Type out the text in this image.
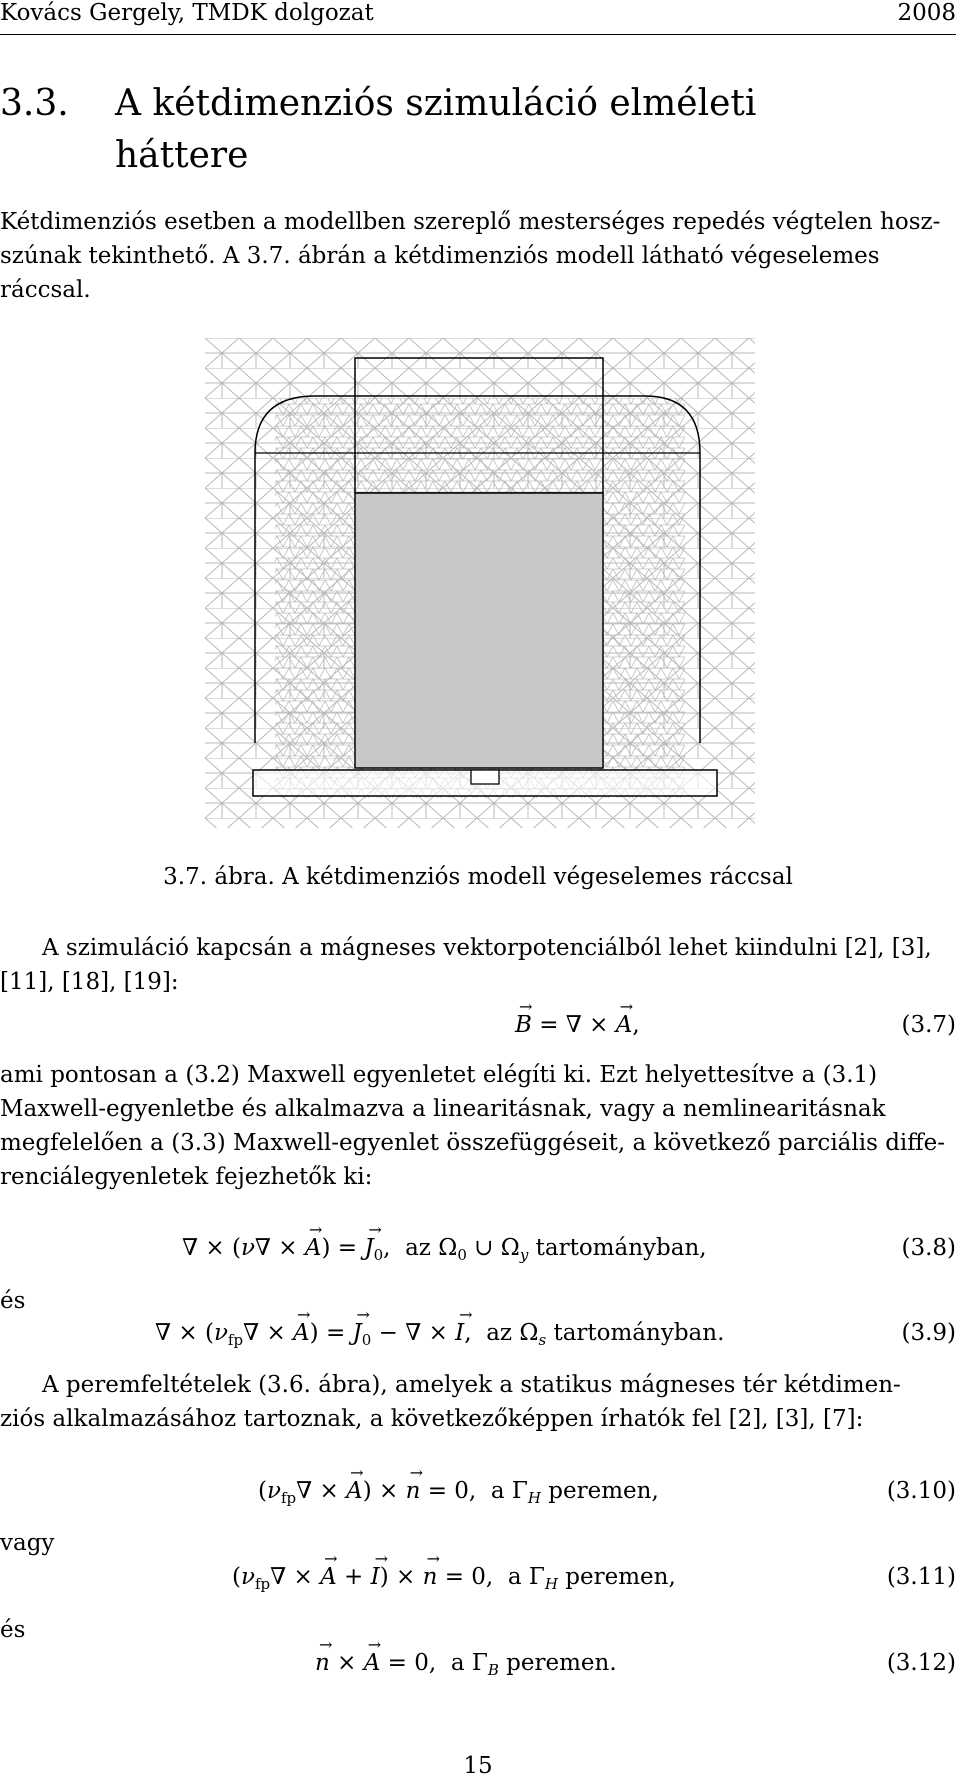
Kovács Gergely, TMDK dolgozat	2008
3.3. A kétdimenziós szimuláció elméleti
háttere
Kétdimenziós esetben a modellben szereplő mesterséges repedés végtelen hosz-
szúnak tekinthető. A 3.7. ábrán a kétdimenziós modell látható végeselemes
ráccsal.
3.7. ábra. A kétdimenziós modell végeselemes ráccsal
A szimuláció kapcsán a mágneses vektorpotenciálból lehet kiindulni [2], [3],
[11], [18], [19]:
B → = ∇ × A →,	(3.7)
ami pontosan a (3.2) Maxwell egyenletet elégíti ki. Ezt helyettesítve a (3.1)
Maxwell-egyenletbe és alkalmazva a linearitásnak, vagy a nemlinearitásnak
megfelelően a (3.3) Maxwell-egyenlet összefüggéseit, a következő parciális diffe-
renciálegyenletek fejezhetők ki:
∇ × (ν∇ × A →) = $J \to_0$,  az $\Omega_0$ ∪ $\Omega_y$ tartományban,	(3.8)
és
∇ × ($\nu_{fp}\nabla \times A$ →) = $J \to_0$ − ∇ × I →,  az $\Omega_s$ tartományban.	(3.9)
A peremfeltételek (3.6. ábra), amelyek a statikus mágneses tér kétdimen-
ziós alkalmazásához tartoznak, a következőképpen írhatók fel [2], [3], [7]:
($\nu_{fp}\nabla \times A$ →) × n → = 0,  a $\Gamma_H$ peremen,	(3.10)
vagy
($\nu_{fp}\nabla \times A$ → + I →) × n → = 0,  a $\Gamma_H$ peremen,	(3.11)
és
n → × A → = 0,  a $\Gamma_B$ peremen.	(3.12)
15
